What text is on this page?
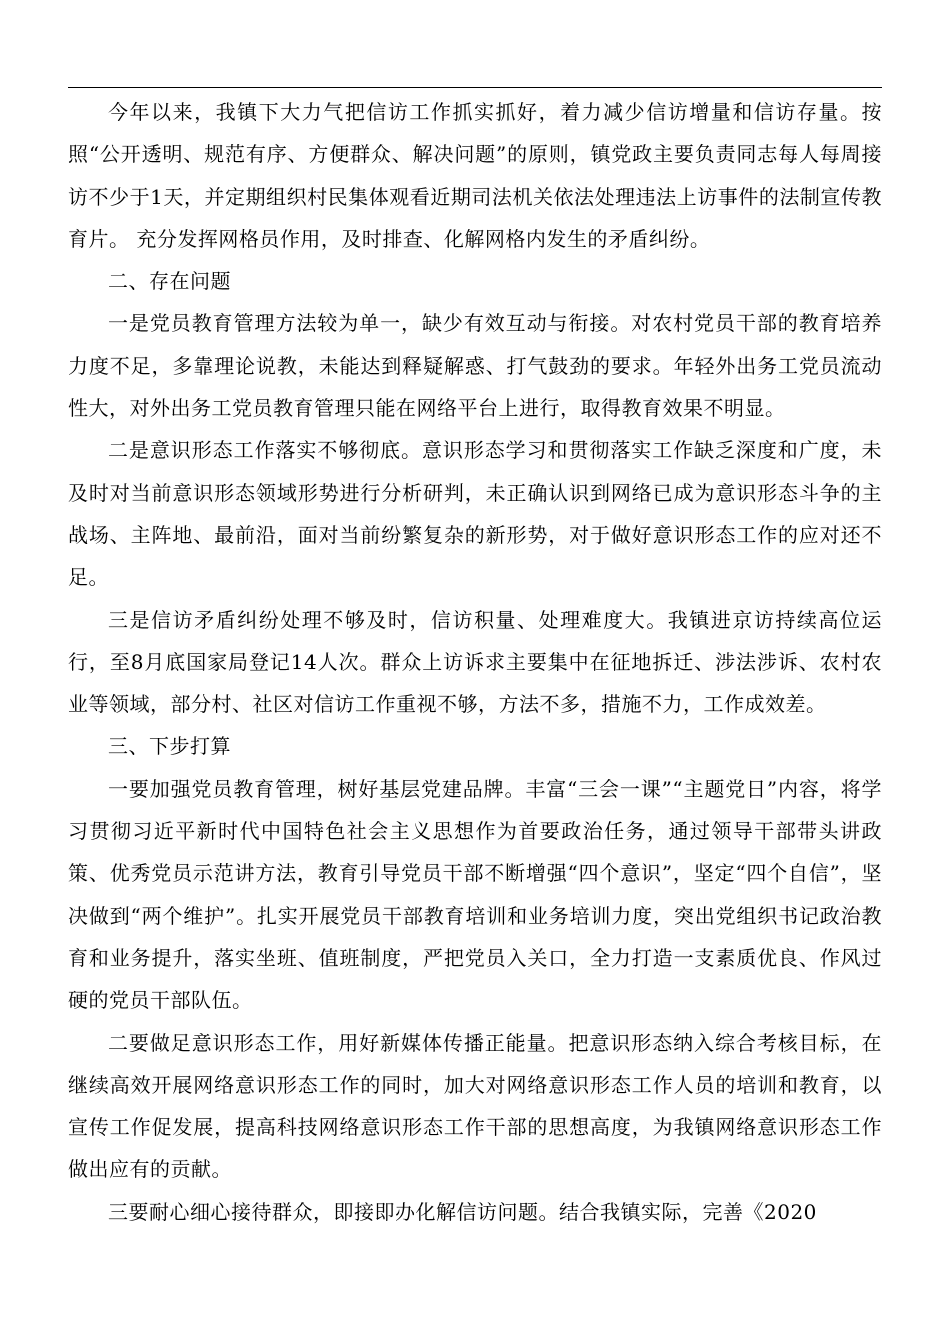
今年以来，我镇下大力气把信访工作抓实抓好，着力减少信访增量和信访存量。按照“公开透明、规范有序、方便群众、解决问题”的原则，镇党政主要负责同志每人每周接访不少于1天，并定期组织村民集体观看近期司法机关依法处理违法上访事件的法制宣传教育片。 充分发挥网格员作用，及时排查、化解网格内发生的矛盾纠纷。

二、存在问题

一是党员教育管理方法较为单一，缺少有效互动与衔接。对农村党员干部的教育培养力度不足，多靠理论说教，未能达到释疑解惑、打气鼓劲的要求。年轻外出务工党员流动性大，对外出务工党员教育管理只能在网络平台上进行，取得教育效果不明显。

二是意识形态工作落实不够彻底。意识形态学习和贯彻落实工作缺乏深度和广度，未及时对当前意识形态领域形势进行分析研判，未正确认识到网络已成为意识形态斗争的主战场、主阵地、最前沿，面对当前纷繁复杂的新形势，对于做好意识形态工作的应对还不足。

三是信访矛盾纠纷处理不够及时，信访积量、处理难度大。我镇进京访持续高位运行，至8月底国家局登记14人次。群众上访诉求主要集中在征地拆迁、涉法涉诉、农村农业等领域，部分村、社区对信访工作重视不够，方法不多，措施不力，工作成效差。

三、下步打算

一要加强党员教育管理，树好基层党建品牌。丰富“三会一课”“主题党日”内容，将学习贯彻习近平新时代中国特色社会主义思想作为首要政治任务，通过领导干部带头讲政策、优秀党员示范讲方法，教育引导党员干部不断增强“四个意识”，坚定“四个自信”，坚决做到“两个维护”。扎实开展党员干部教育培训和业务培训力度，突出党组织书记政治教育和业务提升，落实坐班、值班制度，严把党员入关口，全力打造一支素质优良、作风过硬的党员干部队伍。

二要做足意识形态工作，用好新媒体传播正能量。把意识形态纳入综合考核目标，在继续高效开展网络意识形态工作的同时，加大对网络意识形态工作人员的培训和教育，以宣传工作促发展，提高科技网络意识形态工作干部的思想高度，为我镇网络意识形态工作做出应有的贡献。

三要耐心细心接待群众，即接即办化解信访问题。结合我镇实际，完善《2020
